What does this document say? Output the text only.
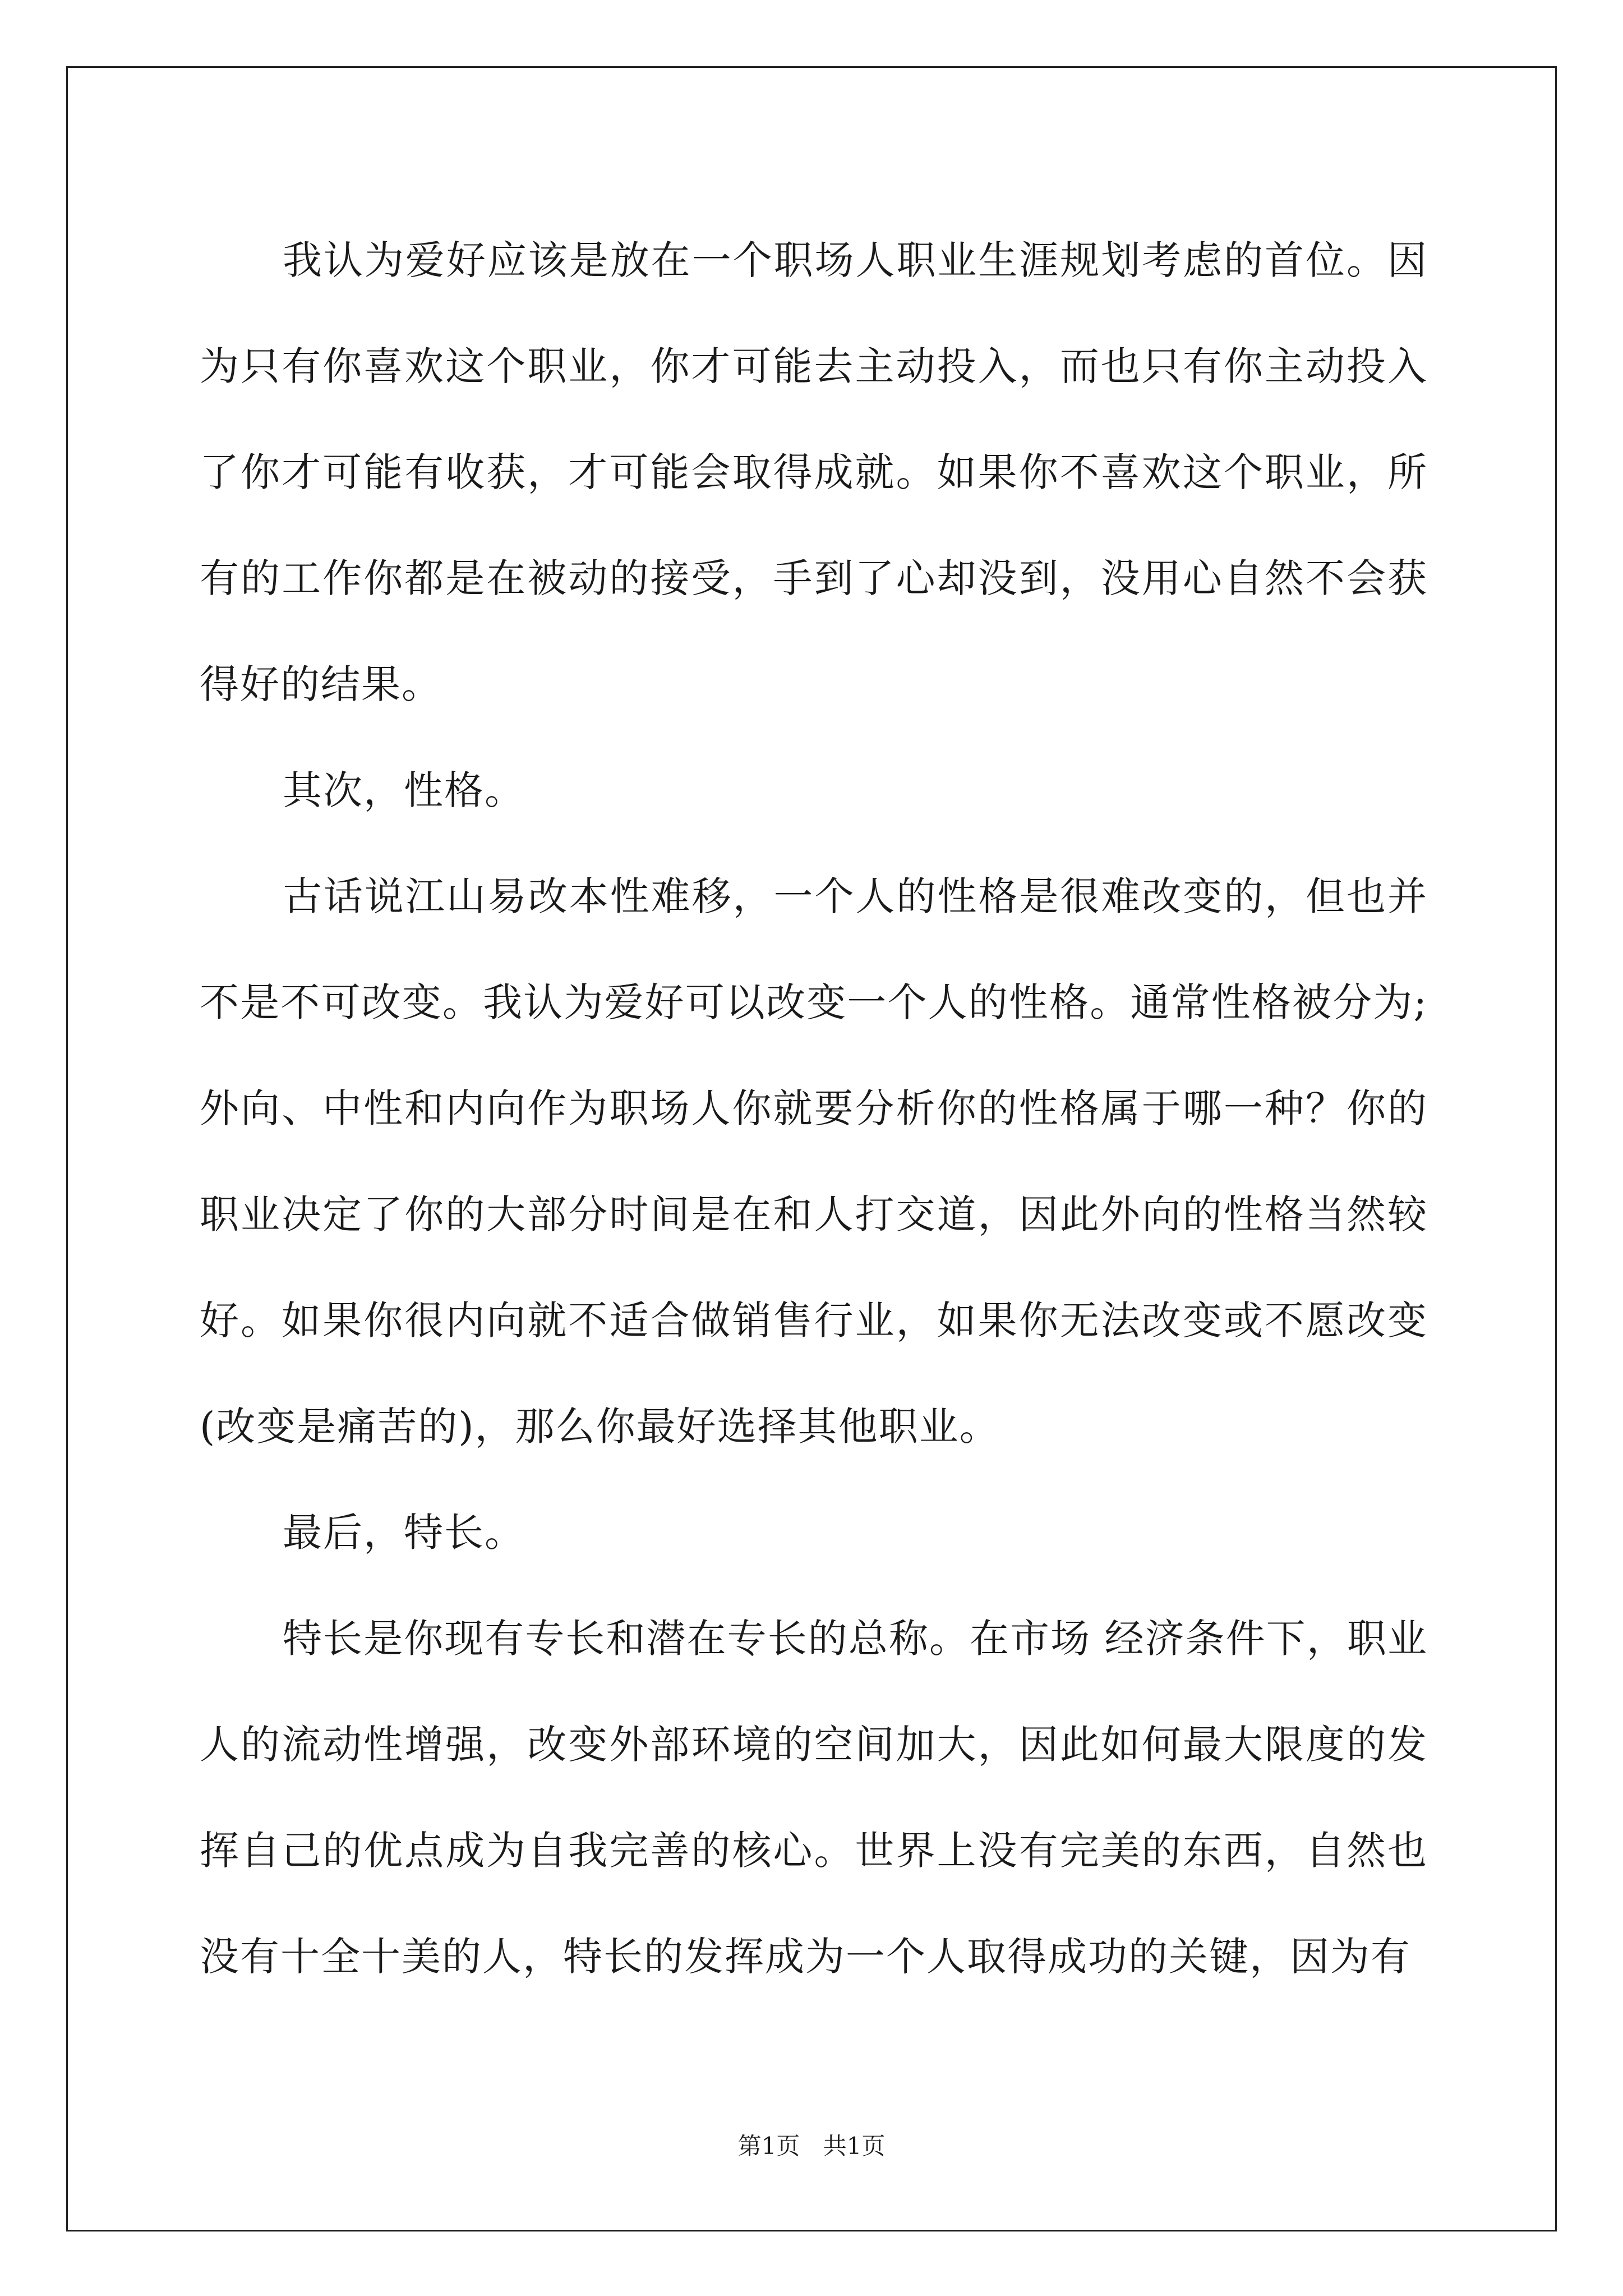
我认为爱好应该是放在一个职场人职业生涯规划考虑的首位。因为只有你喜欢这个职业，你才可能去主动投入，而也只有你主动投入了你才可能有收获，才可能会取得成就。如果你不喜欢这个职业，所有的工作你都是在被动的接受，手到了心却没到，没用心自然不会获得好的结果。

其次，性格。

古话说江山易改本性难移，一个人的性格是很难改变的，但也并不是不可改变。我认为爱好可以改变一个人的性格。通常性格被分为;外向、中性和内向作为职场人你就要分析你的性格属于哪一种？你的职业决定了你的大部分时间是在和人打交道，因此外向的性格当然较好。如果你很内向就不适合做销售行业，如果你无法改变或不愿改变(改变是痛苦的)，那么你最好选择其他职业。

最后，特长。

特长是你现有专长和潜在专长的总称。在市场 经济条件下，职业人的流动性增强，改变外部环境的空间加大，因此如何最大限度的发挥自己的优点成为自我完善的核心。世界上没有完美的东西，自然也没有十全十美的人，特长的发挥成为一个人取得成功的关键，因为有

第1页 共1页
